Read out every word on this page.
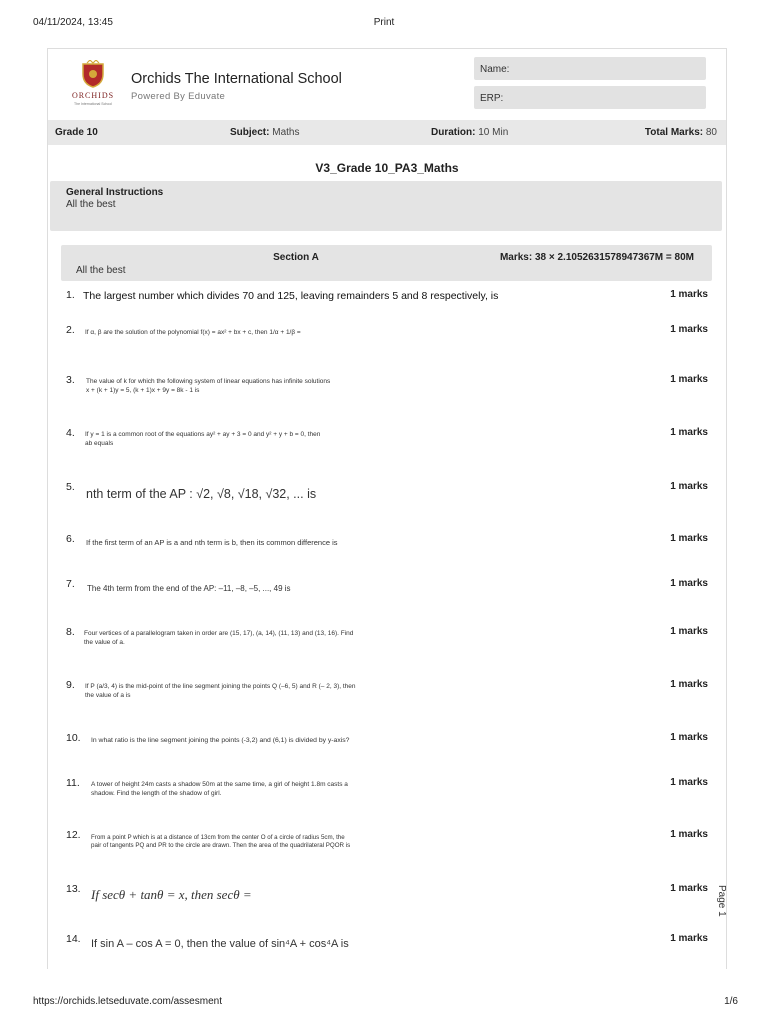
04/11/2024, 13:45	Print
ORCHIDS
The International School
Orchids The International School
Powered By Eduvate
Name:
ERP:
Grade 10	Subject: Maths	Duration: 10 Min	Total Marks: 80
V3_Grade 10_PA3_Maths
General Instructions
All the best
Section A	Marks: 38 × 2.1052631578947367M = 80M
All the best
1. The largest number which divides 70 and 125, leaving remainders 5 and 8 respectively, is	1 marks
2. If α, β are the solution of the polynomial f(x) = ax² + bx + c, then 1/α + 1/β =	1 marks
3. The value of k for which the following system of linear equations has infinite solutions
x + (k + 1)y = 5, (k + 1)x + 9y = 8k - 1 is
1 marks
4. If y = 1 is a common root of the equations ay² + ay + 3 = 0 and y² + y + b = 0, then
ab equals
1 marks
5. nth term of the AP : √2, √8, √18, √32, ... is
1 marks
6. If the first term of an AP is a and nth term is b, then its common difference is	1 marks
7. The 4th term from the end of the AP: –11, –8, –5, ..., 49 is	1 marks
8. Four vertices of a parallelogram taken in order are (15, 17), (a, 14), (11, 13) and (13, 16). Find
the value of a.
1 marks
9. If P (a/3, 4) is the mid-point of the line segment joining the points Q (–6, 5) and R (– 2, 3), then
the value of a is
1 marks
10. In what ratio is the line segment joining the points (-3,2) and (6,1) is divided by y-axis?	1 marks
11. A tower of height 24m casts a shadow 50m at the same time, a girl of height 1.8m casts a
shadow. Find the length of the shadow of girl.
1 marks
12. From a point P which is at a distance of 13cm from the center O of a circle of radius 5cm, the
pair of tangents PQ and PR to the circle are drawn. Then the area of the quadrilateral PQOR is
1 marks
13. If secθ + tanθ = x, then secθ =	1 marks
14. If sin A – cos A = 0, then the value of sin⁴A + cos⁴A is	1 marks
Page 1
https://orchids.letseduvate.com/assesment	1/6
